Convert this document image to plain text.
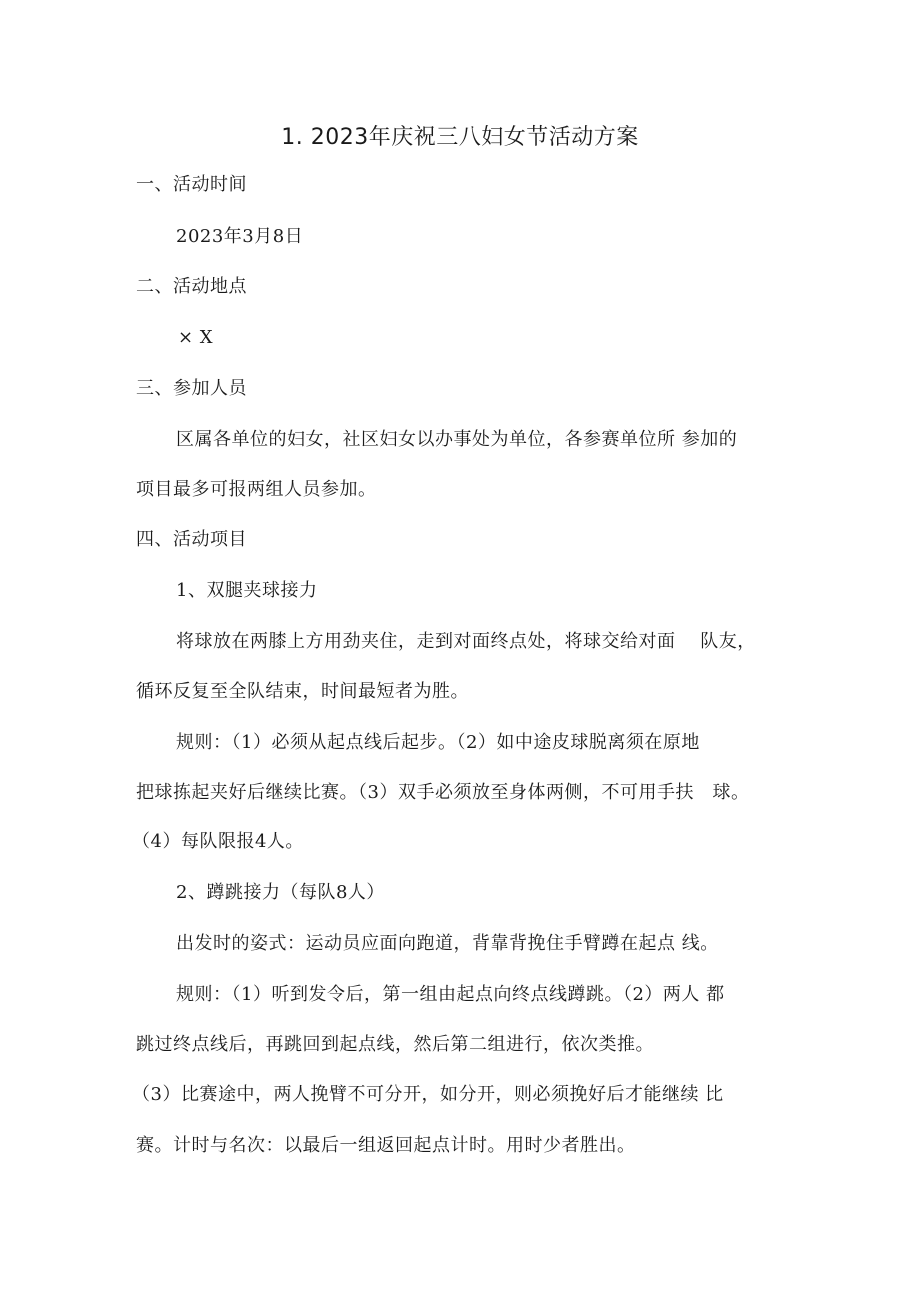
1. 2023年庆祝三八妇女节活动方案
一、活动时间
2023年3月8日
二、活动地点
× X
三、参加人员
区属各单位的妇女，社区妇女以办事处为单位，各参赛单位所 参加的
项目最多可报两组人员参加。
四、活动项目
1、双腿夹球接力
将球放在两膝上方用劲夹住，走到对面终点处，将球交给对面　 队友，
循环反复至全队结束，时间最短者为胜。
规则：（1）必须从起点线后起步。（2）如中途皮球脱离须在原地
把球拣起夹好后继续比赛。（3）双手必须放至身体两侧，不可用手扶　球。
（4）每队限报4人。
2、蹲跳接力（每队8人）
出发时的姿式：运动员应面向跑道，背靠背挽住手臂蹲在起点 线。
规则：（1）听到发令后，第一组由起点向终点线蹲跳。（2）两人 都
跳过终点线后，再跳回到起点线，然后第二组进行，依次类推。
（3）比赛途中，两人挽臂不可分开，如分开，则必须挽好后才能继续 比
赛。计时与名次：以最后一组返回起点计时。用时少者胜出。
